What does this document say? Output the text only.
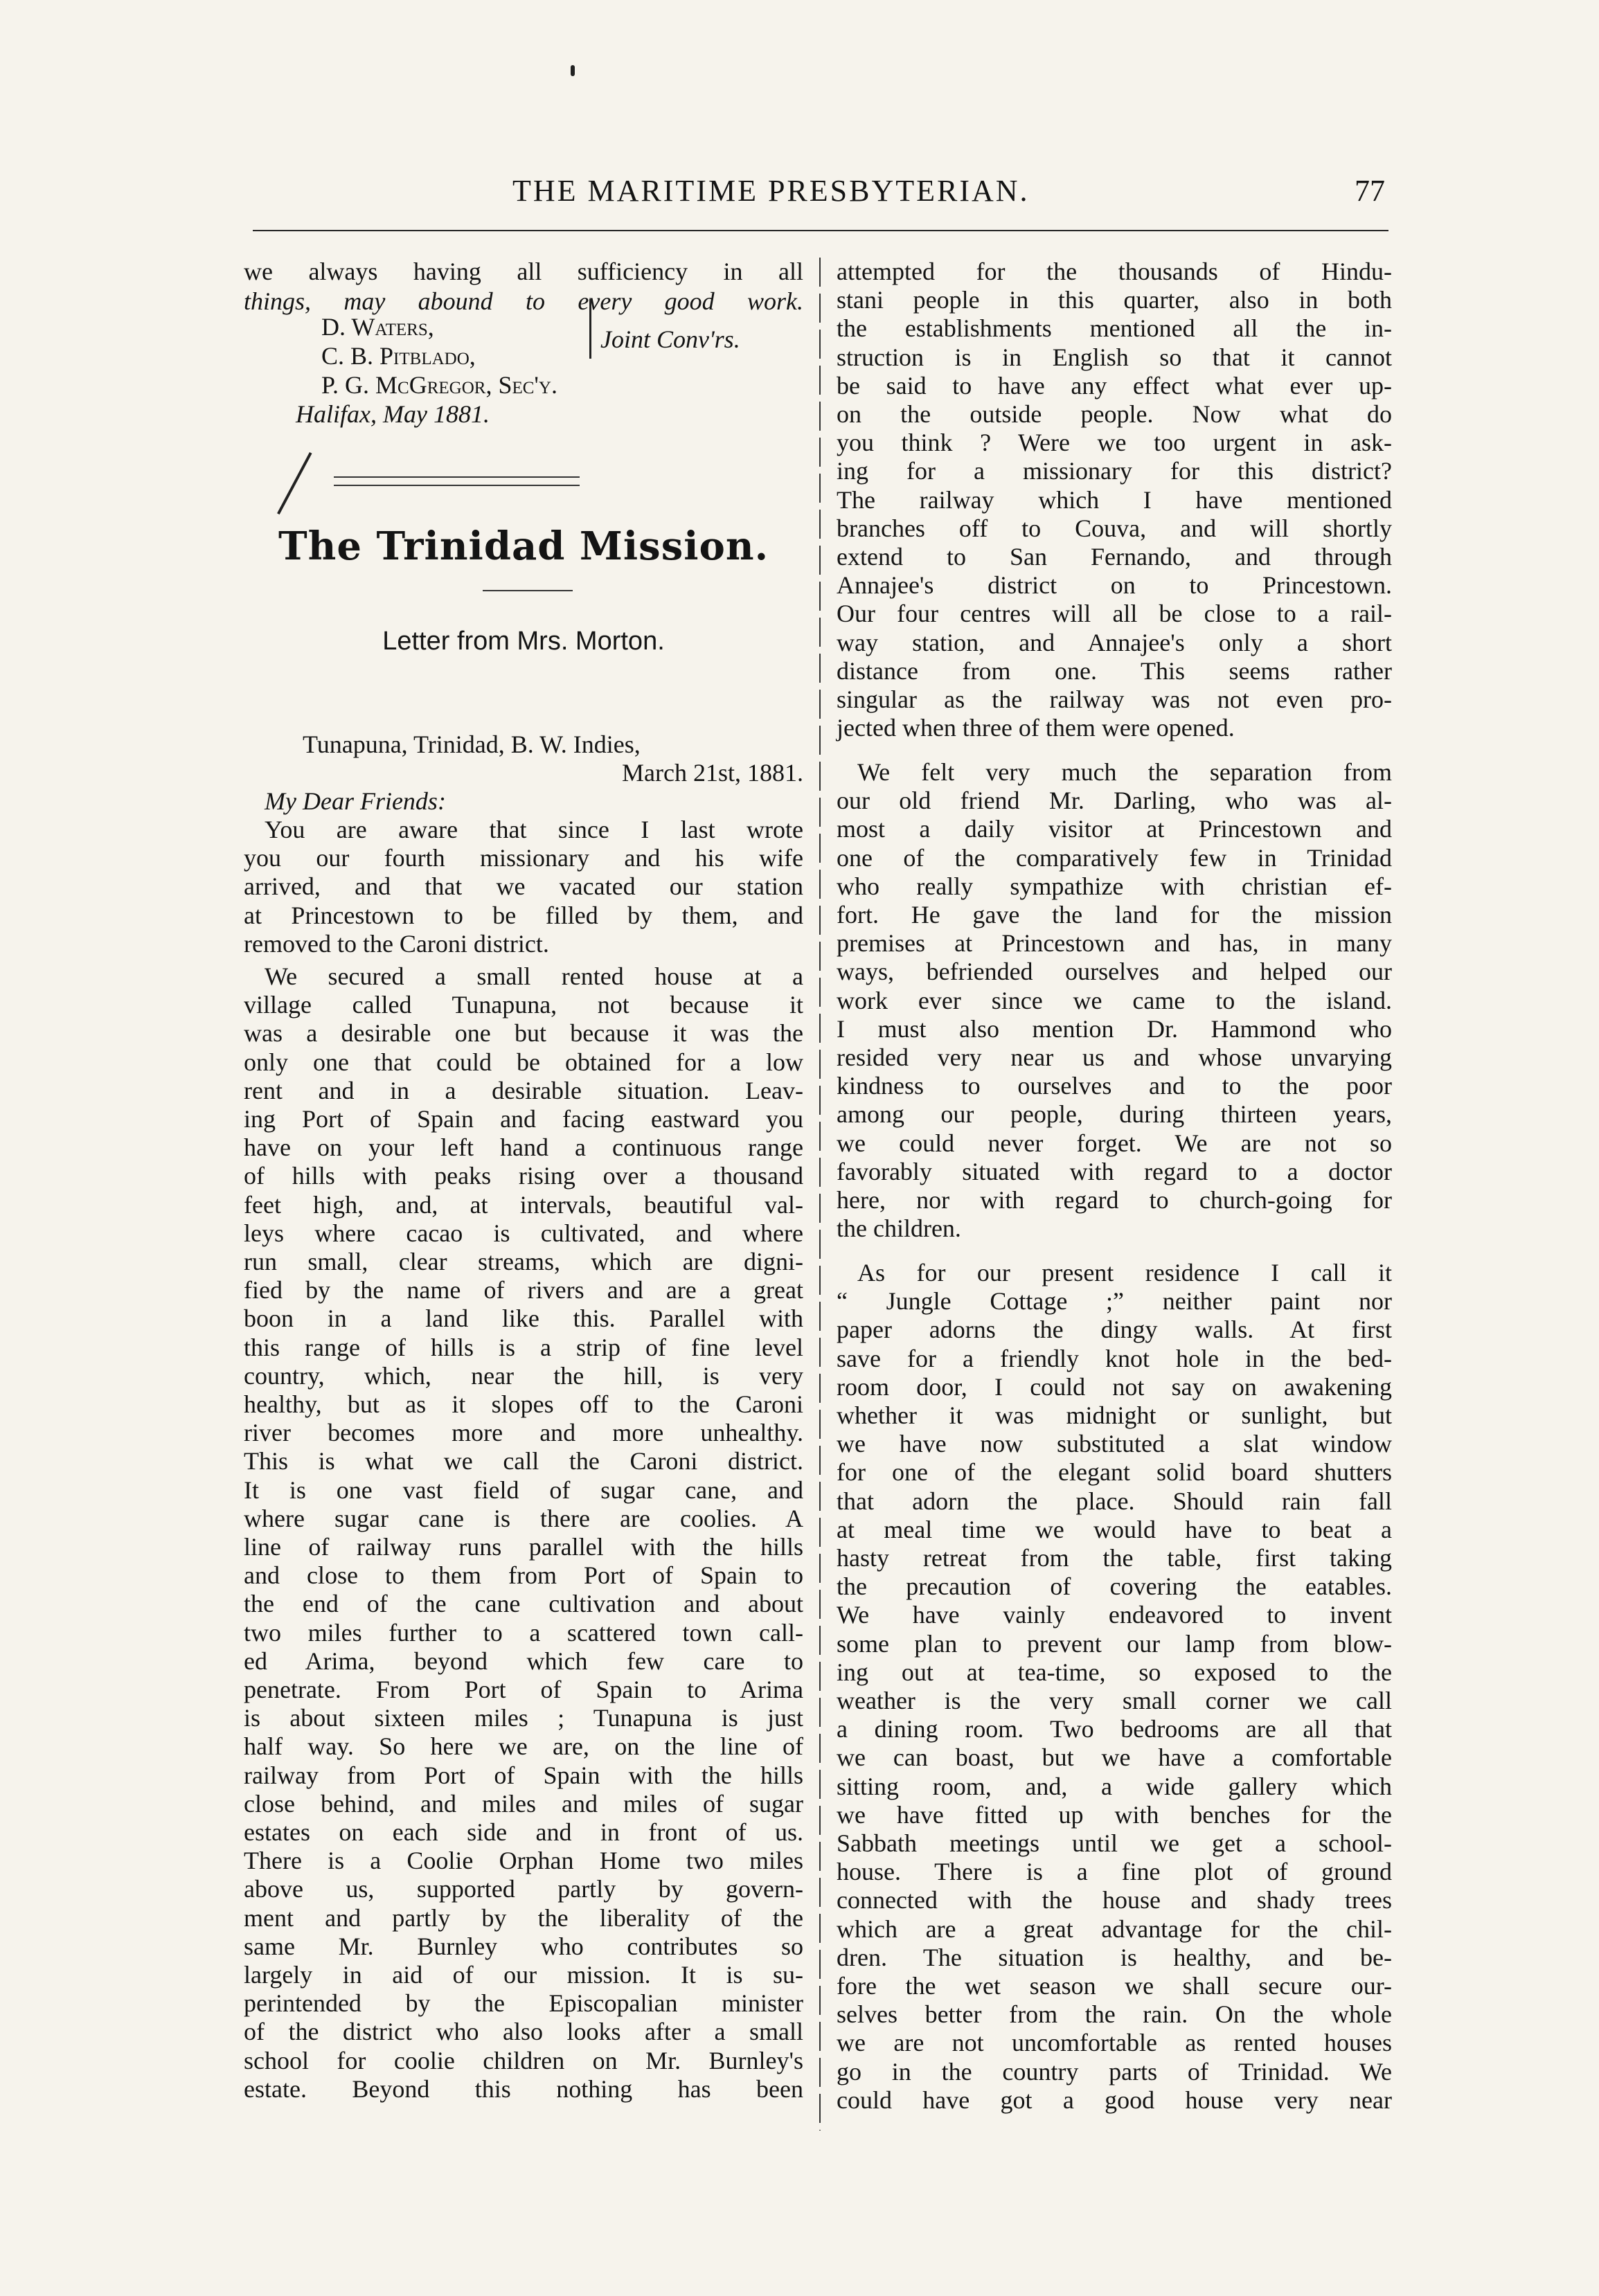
THE MARITIME PRESBYTERIAN.	77
we always having all sufficiency in all
things, may abound to every good work.
D. Waters,
C. B. Pitblado,
Joint Conv'rs.
P. G. McGregor, Sec'y.
Halifax, May 1881.
The Trinidad Mission.
Letter from Mrs. Morton.
Tunapuna, Trinidad, B. W. Indies,
March 21st, 1881.
My Dear Friends:
You are aware that since I last wrote
you our fourth missionary and his wife
arrived, and that we vacated our station
at Princestown to be filled by them, and
removed to the Caroni district.
We secured a small rented house at a
village called Tunapuna, not because it
was a desirable one but because it was the
only one that could be obtained for a low
rent and in a desirable situation. Leav-
ing Port of Spain and facing eastward you
have on your left hand a continuous range
of hills with peaks rising over a thousand
feet high, and, at intervals, beautiful val-
leys where cacao is cultivated, and where
run small, clear streams, which are digni-
fied by the name of rivers and are a great
boon in a land like this. Parallel with
this range of hills is a strip of fine level
country, which, near the hill, is very
healthy, but as it slopes off to the Caroni
river becomes more and more unhealthy.
This is what we call the Caroni district.
It is one vast field of sugar cane, and
where sugar cane is there are coolies. A
line of railway runs parallel with the hills
and close to them from Port of Spain to
the end of the cane cultivation and about
two miles further to a scattered town call-
ed Arima, beyond which few care to
penetrate. From Port of Spain to Arima
is about sixteen miles ; Tunapuna is just
half way. So here we are, on the line of
railway from Port of Spain with the hills
close behind, and miles and miles of sugar
estates on each side and in front of us.
There is a Coolie Orphan Home two miles
above us, supported partly by govern-
ment and partly by the liberality of the
same Mr. Burnley who contributes so
largely in aid of our mission. It is su-
perintended by the Episcopalian minister
of the district who also looks after a small
school for coolie children on Mr. Burnley's
estate. Beyond this nothing has been
attempted for the thousands of Hindu-
stani people in this quarter, also in both
the establishments mentioned all the in-
struction is in English so that it cannot
be said to have any effect what ever up-
on the outside people. Now what do
you think ? Were we too urgent in ask-
ing for a missionary for this district?
The railway which I have mentioned
branches off to Couva, and will shortly
extend to San Fernando, and through
Annajee's district on to Princestown.
Our four centres will all be close to a rail-
way station, and Annajee's only a short
distance from one. This seems rather
singular as the railway was not even pro-
jected when three of them were opened.
We felt very much the separation from
our old friend Mr. Darling, who was al-
most a daily visitor at Princestown and
one of the comparatively few in Trinidad
who really sympathize with christian ef-
fort. He gave the land for the mission
premises at Princestown and has, in many
ways, befriended ourselves and helped our
work ever since we came to the island.
I must also mention Dr. Hammond who
resided very near us and whose unvarying
kindness to ourselves and to the poor
among our people, during thirteen years,
we could never forget. We are not so
favorably situated with regard to a doctor
here, nor with regard to church-going for
the children.
As for our present residence I call it
“ Jungle Cottage ;” neither paint nor
paper adorns the dingy walls. At first
save for a friendly knot hole in the bed-
room door, I could not say on awakening
whether it was midnight or sunlight, but
we have now substituted a slat window
for one of the elegant solid board shutters
that adorn the place. Should rain fall
at meal time we would have to beat a
hasty retreat from the table, first taking
the precaution of covering the eatables.
We have vainly endeavored to invent
some plan to prevent our lamp from blow-
ing out at tea-time, so exposed to the
weather is the very small corner we call
a dining room. Two bedrooms are all that
we can boast, but we have a comfortable
sitting room, and, a wide gallery which
we have fitted up with benches for the
Sabbath meetings until we get a school-
house. There is a fine plot of ground
connected with the house and shady trees
which are a great advantage for the chil-
dren. The situation is healthy, and be-
fore the wet season we shall secure our-
selves better from the rain. On the whole
we are not uncomfortable as rented houses
go in the country parts of Trinidad. We
could have got a good house very near
